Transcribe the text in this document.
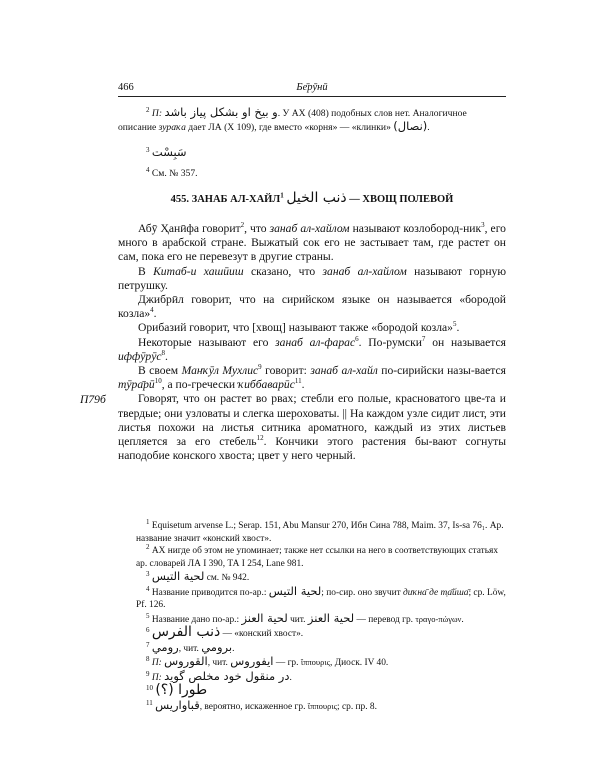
466	Бе̄рӯнӣ
$^2$ П: و بيخ او بشكل پياز باشد. У АХ (408) подобных слов нет. Аналогичное
описание зураҡа дает ЛА (X 109), где вместо «корня» — «клинки» (نصال).
$^3$ سَبِسْت
$^4$ См. № 357.
455. ЗАНАБ АЛ-ХАЙЛ$^1$ ذنب الخيل — ХВОЩ ПОЛЕВОЙ
П79б

Абӯ Ҳанӣфа говорит$^2$, что занаб ал-хайлом называют козлобород-ник$^3$, его много в арабской стране. Выжатый сок его не застывает там, где растет он сам, пока его не перевезут в другие страны.

В Китаб-и хашӣиш сказано, что занаб ал-хайлом называют горную петрушку.

Джибрӣл говорит, что на сирийском языке он называется «бородой козла»$^4$.

Орибазий говорит, что [хвощ] называют также «бородой козла»$^5$.

Некоторые называют его занаб ал-фарас$^6$. По-румски$^7$ он называется иффӯрӯс$^8$.

В своем Манҡӯл Мухлис$^9$ говорит: занаб ал-хайл по-сирийски назы-вается $т̣ӯра̄рӣ^{10}$, а по-гречески ҡиббаварӣс$^{11}$.

Говорят, что он растет во рвах; стебли его полые, красноватого цве-та и твердые; они узловаты и слегка шероховаты. || На каждом узле сидит лист, эти листья похожи на листья ситника ароматного, каждый из этих листьев цепляется за его стебель$^{12}$. Кончики этого растения бы-вают согнуты наподобие конского хвоста; цвет у него черный.

$^1$ Equisetum arvense L.; Serap. 151, Abu Mansur 270, Ибн Сина 788, Maim. 37, Is-sa 76₁. Ар. название значит «конский хвост».

$^2$ АХ нигде об этом не упоминает; также нет ссылки на него в соответствующих статьях ар. словарей ЛА I 390, ТА I 254, Lane 981.

$^3$ لحية التيس см. № 942.

$^4$ Название приводится по-ар.: لحية التيس; по-сир. оно звучит диҡна̄ де т̣а̄йша̄; ср. Löw, Pf. 126.

$^5$ Название дано по-ар.: لحية العنز чит. لحية العنز — перевод гр. τραγο-πώγων.

$^6$ ذنب الفرس — «конский хвост».

$^7$ رومي, чит. برومي.

$^8$ П: القوروس, чит. ايفوروس — гр. ἵππουρις, Диоск. IV 40.

$^9$ П: در منقول خود مخلص گويد.

$^{10}$ طورا (؟)

$^{11}$ قباواريس, вероятно, искаженное гр. ἵππουρις; ср. пр. 8.
